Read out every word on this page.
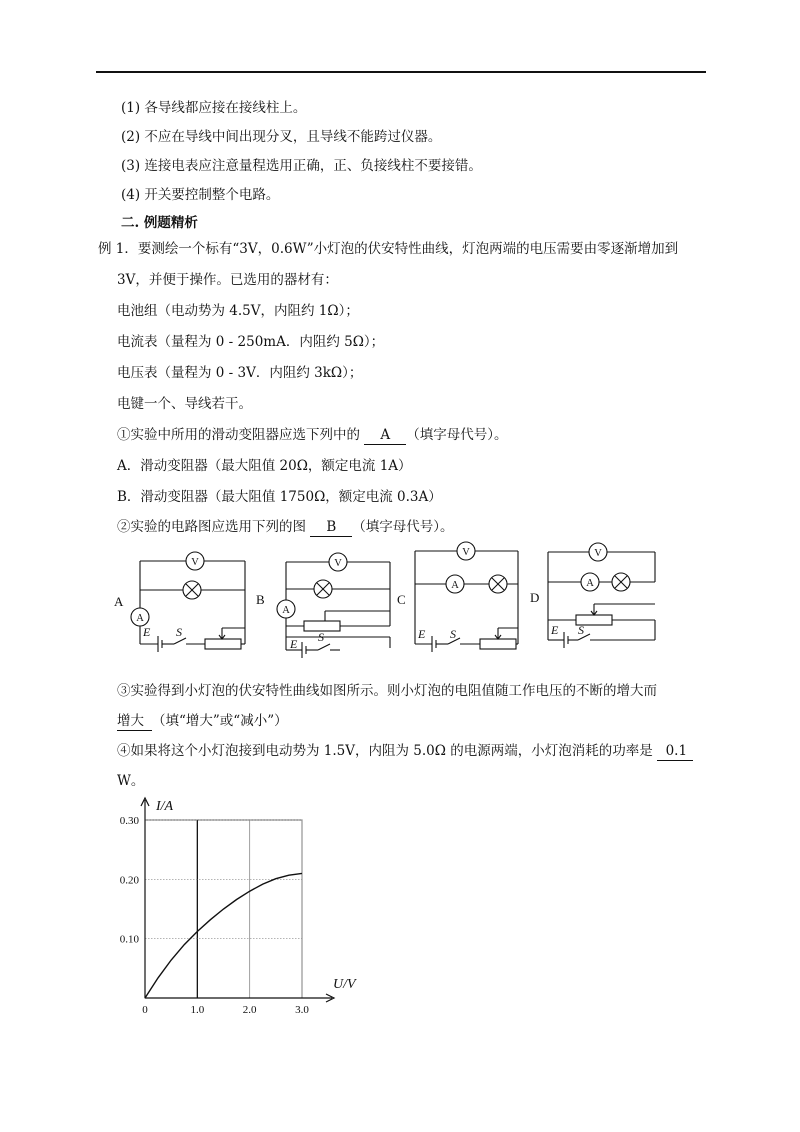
(1) 各导线都应接在接线柱上。
(2) 不应在导线中间出现分叉，且导线不能跨过仪器。
(3) 连接电表应注意量程选用正确，正、负接线柱不要接错。
(4) 开关要控制整个电路。
二. 例题精析
例 1．要测绘一个标有“3V，0.6W”小灯泡的伏安特性曲线，灯泡两端的电压需要由零逐渐增加到
3V，并便于操作。已选用的器材有：
电池组（电动势为 4.5V，内阻约 1Ω）；
电流表（量程为 0 - 250mA．内阻约 5Ω）；
电压表（量程为 0 - 3V．内阻约 3kΩ）；
电键一个、导线若干。
①实验中所用的滑动变阻器应选下列中的 A （填字母代号）。
A．滑动变阻器（最大阻值 20Ω，额定电流 1A）
B．滑动变阻器（最大阻值 1750Ω，额定电流 0.3A）
②实验的电路图应选用下列的图 B （填字母代号）。
A	B	C	D
V
A
V
A
V
A
V
A
E S
E S	E S	E S
③实验得到小灯泡的伏安特性曲线如图所示。则小灯泡的电阻值随工作电压的不断的增大而
增大 （填“增大”或“减小”）
④如果将这个小灯泡接到电动势为 1.5V，内阻为 5.0Ω 的电源两端，小灯泡消耗的功率是 0.1
W。
0	1.0	2.0	3.0
0.10
0.20
0.30
U/V
I/A
